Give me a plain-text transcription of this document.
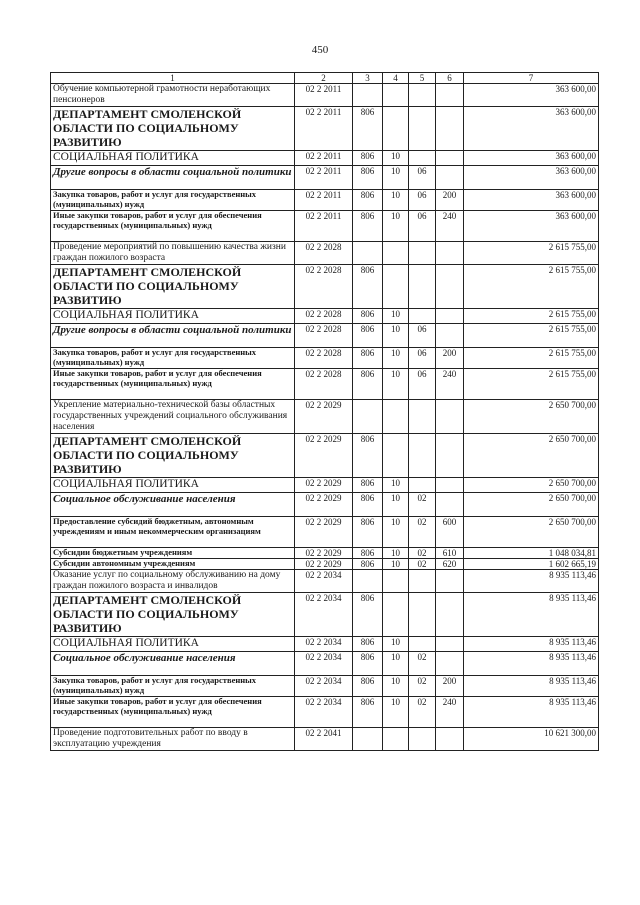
450
1	2	3	4	5	6	7
Обучение компьютерной грамотности неработающих пенсионеров	02 2 2011					363 600,00
ДЕПАРТАМЕНТ СМОЛЕНСКОЙ ОБЛАСТИ ПО СОЦИАЛЬНОМУ РАЗВИТИЮ	02 2 2011	806				363 600,00
СОЦИАЛЬНАЯ ПОЛИТИКА	02 2 2011	806	10			363 600,00
Другие вопросы в области социальной политики	02 2 2011	806	10	06		363 600,00
Закупка товаров, работ и услуг для государственных (муниципальных) нужд	02 2 2011	806	10	06	200	363 600,00
Иные закупки товаров, работ и услуг для обеспечения государственных (муниципальных) нужд	02 2 2011	806	10	06	240	363 600,00
Проведение мероприятий по повышению качества жизни граждан пожилого возраста	02 2 2028					2 615 755,00
ДЕПАРТАМЕНТ СМОЛЕНСКОЙ ОБЛАСТИ ПО СОЦИАЛЬНОМУ РАЗВИТИЮ	02 2 2028	806				2 615 755,00
СОЦИАЛЬНАЯ ПОЛИТИКА	02 2 2028	806	10			2 615 755,00
Другие вопросы в области социальной политики	02 2 2028	806	10	06		2 615 755,00
Закупка товаров, работ и услуг для государственных (муниципальных) нужд	02 2 2028	806	10	06	200	2 615 755,00
Иные закупки товаров, работ и услуг для обеспечения государственных (муниципальных) нужд	02 2 2028	806	10	06	240	2 615 755,00
Укрепление материально-технической базы областных государственных учреждений социального обслуживания населения	02 2 2029					2 650 700,00
ДЕПАРТАМЕНТ СМОЛЕНСКОЙ ОБЛАСТИ ПО СОЦИАЛЬНОМУ РАЗВИТИЮ	02 2 2029	806				2 650 700,00
СОЦИАЛЬНАЯ ПОЛИТИКА	02 2 2029	806	10			2 650 700,00
Социальное обслуживание населения	02 2 2029	806	10	02		2 650 700,00
Предоставление субсидий бюджетным, автономным учреждениям и иным некоммерческим организациям	02 2 2029	806	10	02	600	2 650 700,00
Субсидии бюджетным учреждениям	02 2 2029	806	10	02	610	1 048 034,81
Субсидии автономным учреждениям	02 2 2029	806	10	02	620	1 602 665,19
Оказание услуг по социальному обслуживанию на дому граждан пожилого возраста и инвалидов	02 2 2034					8 935 113,46
ДЕПАРТАМЕНТ СМОЛЕНСКОЙ ОБЛАСТИ ПО СОЦИАЛЬНОМУ РАЗВИТИЮ	02 2 2034	806				8 935 113,46
СОЦИАЛЬНАЯ ПОЛИТИКА	02 2 2034	806	10			8 935 113,46
Социальное обслуживание населения	02 2 2034	806	10	02		8 935 113,46
Закупка товаров, работ и услуг для государственных (муниципальных) нужд	02 2 2034	806	10	02	200	8 935 113,46
Иные закупки товаров, работ и услуг для обеспечения государственных (муниципальных) нужд	02 2 2034	806	10	02	240	8 935 113,46
Проведение подготовительных работ по вводу в эксплуатацию учреждения	02 2 2041					10 621 300,00
